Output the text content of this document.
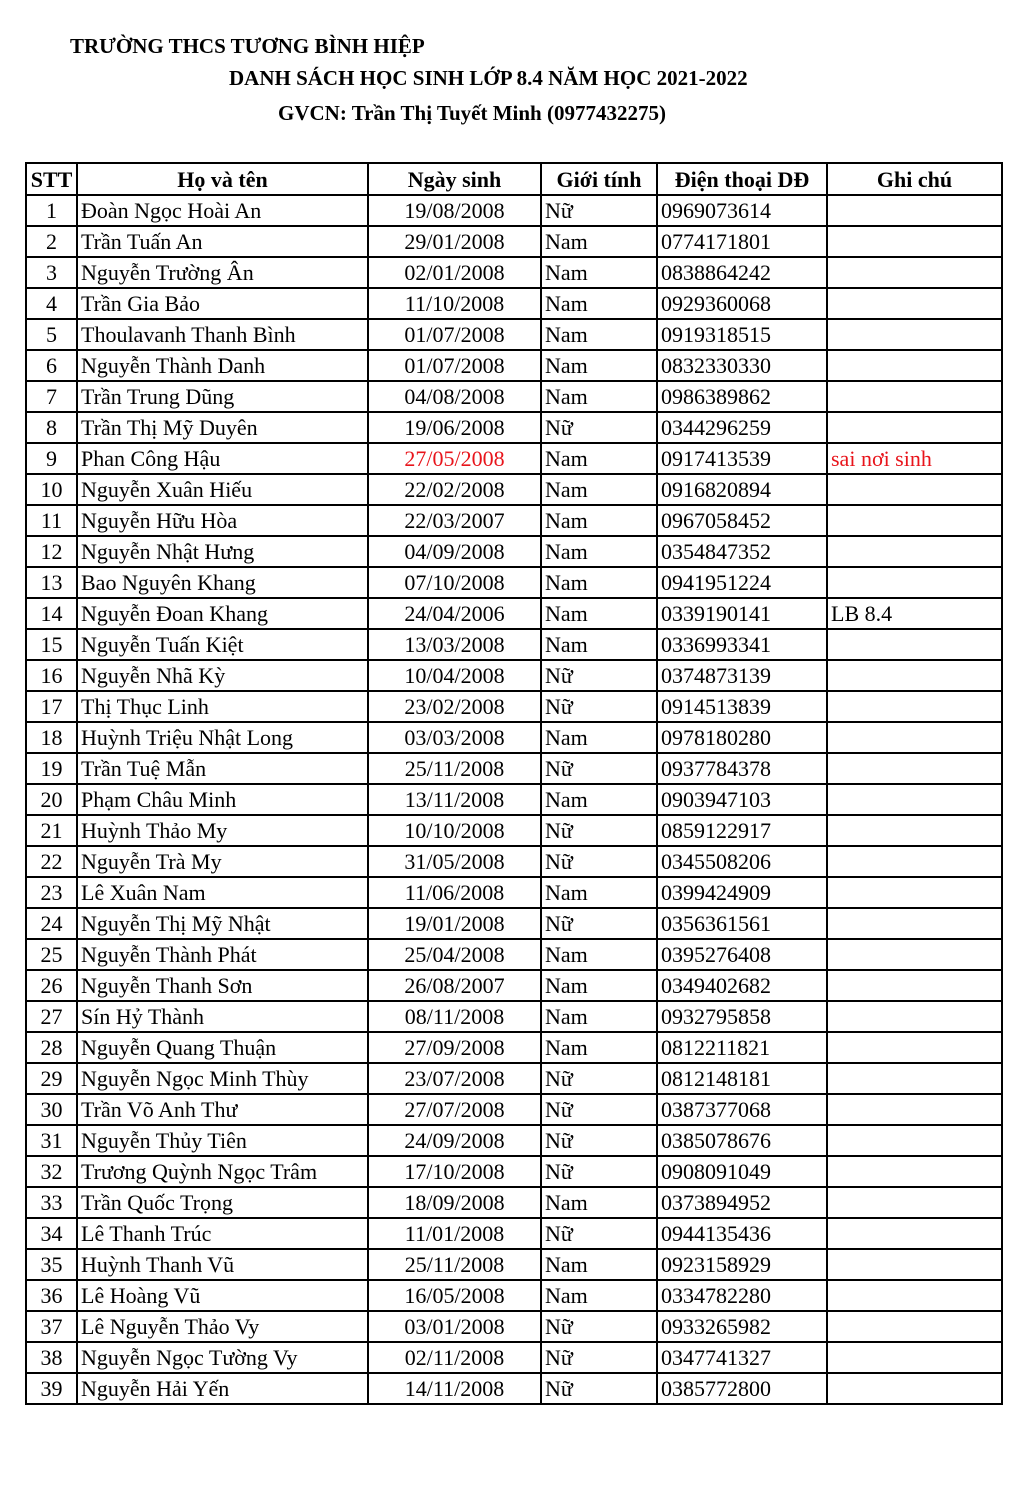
TRƯỜNG THCS TƯƠNG BÌNH HIỆP
DANH SÁCH HỌC SINH LỚP 8.4 NĂM HỌC 2021-2022
GVCN: Trần Thị Tuyết Minh (0977432275)
STT	Họ và tên	Ngày sinh	Giới tính	Điện thoại DĐ	Ghi chú
1	Đoàn Ngọc Hoài An	19/08/2008	Nữ	0969073614	
2	Trần Tuấn An	29/01/2008	Nam	0774171801	
3	Nguyễn Trường Ân	02/01/2008	Nam	0838864242	
4	Trần Gia Bảo	11/10/2008	Nam	0929360068	
5	Thoulavanh Thanh Bình	01/07/2008	Nam	0919318515	
6	Nguyễn Thành Danh	01/07/2008	Nam	0832330330	
7	Trần Trung Dũng	04/08/2008	Nam	0986389862	
8	Trần Thị Mỹ Duyên	19/06/2008	Nữ	0344296259	
9	Phan Công Hậu	27/05/2008	Nam	0917413539	sai nơi sinh
10	Nguyễn Xuân Hiếu	22/02/2008	Nam	0916820894	
11	Nguyễn Hữu Hòa	22/03/2007	Nam	0967058452	
12	Nguyễn Nhật Hưng	04/09/2008	Nam	0354847352	
13	Bao Nguyên Khang	07/10/2008	Nam	0941951224	
14	Nguyễn Đoan Khang	24/04/2006	Nam	0339190141	LB 8.4
15	Nguyễn Tuấn Kiệt	13/03/2008	Nam	0336993341	
16	Nguyễn Nhã Kỳ	10/04/2008	Nữ	0374873139	
17	Thị Thục Linh	23/02/2008	Nữ	0914513839	
18	Huỳnh Triệu Nhật Long	03/03/2008	Nam	0978180280	
19	Trần Tuệ Mẫn	25/11/2008	Nữ	0937784378	
20	Phạm Châu Minh	13/11/2008	Nam	0903947103	
21	Huỳnh Thảo My	10/10/2008	Nữ	0859122917	
22	Nguyễn Trà My	31/05/2008	Nữ	0345508206	
23	Lê Xuân Nam	11/06/2008	Nam	0399424909	
24	Nguyễn Thị Mỹ Nhật	19/01/2008	Nữ	0356361561	
25	Nguyễn Thành Phát	25/04/2008	Nam	0395276408	
26	Nguyễn Thanh Sơn	26/08/2007	Nam	0349402682	
27	Sín Hỷ Thành	08/11/2008	Nam	0932795858	
28	Nguyễn Quang Thuận	27/09/2008	Nam	0812211821	
29	Nguyễn Ngọc Minh Thùy	23/07/2008	Nữ	0812148181	
30	Trần Võ Anh Thư	27/07/2008	Nữ	0387377068	
31	Nguyễn Thủy Tiên	24/09/2008	Nữ	0385078676	
32	Trương Quỳnh Ngọc Trâm	17/10/2008	Nữ	0908091049	
33	Trần Quốc Trọng	18/09/2008	Nam	0373894952	
34	Lê Thanh Trúc	11/01/2008	Nữ	0944135436	
35	Huỳnh Thanh Vũ	25/11/2008	Nam	0923158929	
36	Lê Hoàng Vũ	16/05/2008	Nam	0334782280	
37	Lê Nguyễn Thảo Vy	03/01/2008	Nữ	0933265982	
38	Nguyễn Ngọc Tường Vy	02/11/2008	Nữ	0347741327	
39	Nguyễn Hải Yến	14/11/2008	Nữ	0385772800	
